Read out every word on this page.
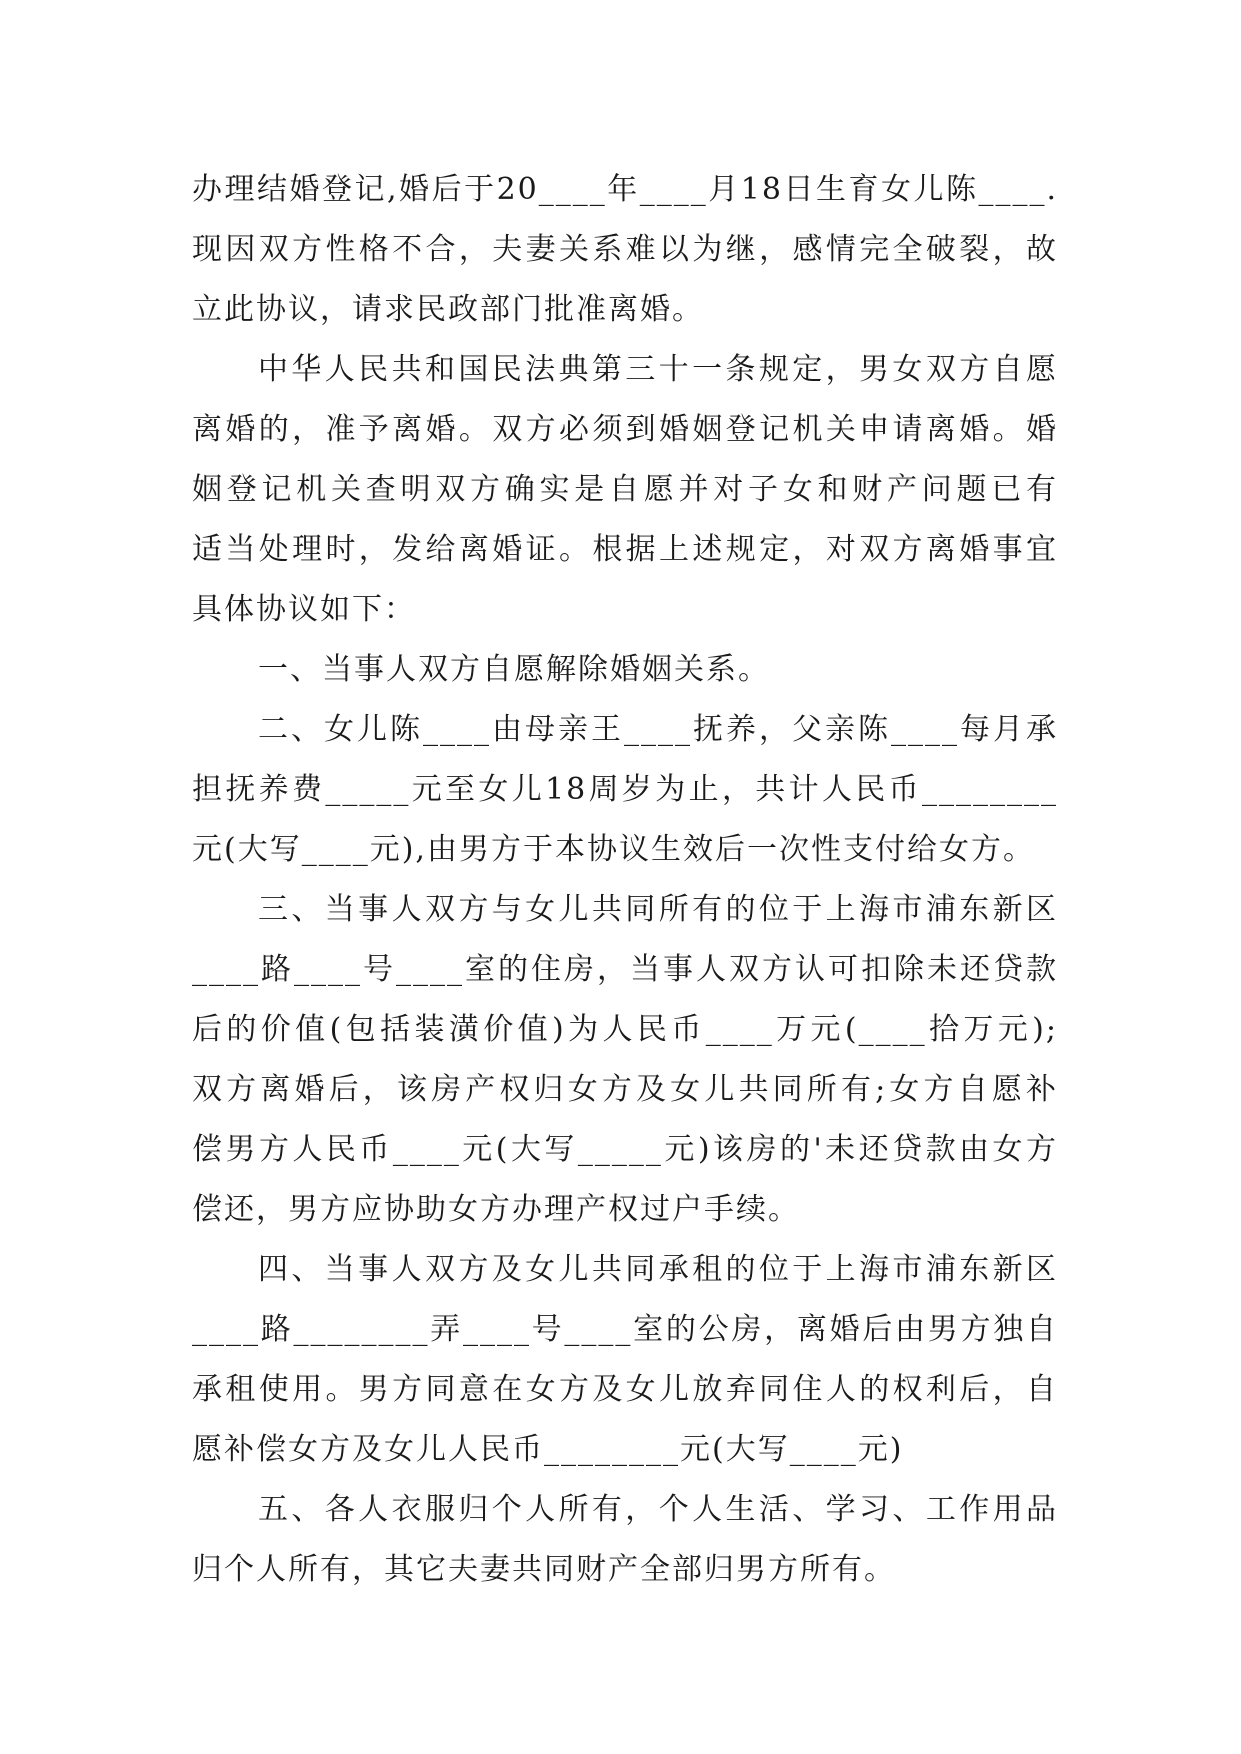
办理结婚登记,婚后于20____年____月18日生育女儿陈____.
现因双方性格不合，夫妻关系难以为继，感情完全破裂，故
立此协议，请求民政部门批准离婚。
中华人民共和国民法典第三十一条规定，男女双方自愿
离婚的，准予离婚。双方必须到婚姻登记机关申请离婚。婚
姻登记机关查明双方确实是自愿并对子女和财产问题已有
适当处理时，发给离婚证。根据上述规定，对双方离婚事宜
具体协议如下：
一、当事人双方自愿解除婚姻关系。
二、女儿陈____由母亲王____抚养，父亲陈____每月承
担抚养费_____元至女儿18周岁为止，共计人民币________
元(大写____元),由男方于本协议生效后一次性支付给女方。
三、当事人双方与女儿共同所有的位于上海市浦东新区
____路____号____室的住房，当事人双方认可扣除未还贷款
后的价值(包括装潢价值)为人民币____万元(____拾万元);
双方离婚后，该房产权归女方及女儿共同所有;女方自愿补
偿男方人民币____元(大写_____元)该房的'未还贷款由女方
偿还，男方应协助女方办理产权过户手续。
四、当事人双方及女儿共同承租的位于上海市浦东新区
____路________弄____号____室的公房，离婚后由男方独自
承租使用。男方同意在女方及女儿放弃同住人的权利后，自
愿补偿女方及女儿人民币________元(大写____元)
五、各人衣服归个人所有，个人生活、学习、工作用品
归个人所有，其它夫妻共同财产全部归男方所有。
